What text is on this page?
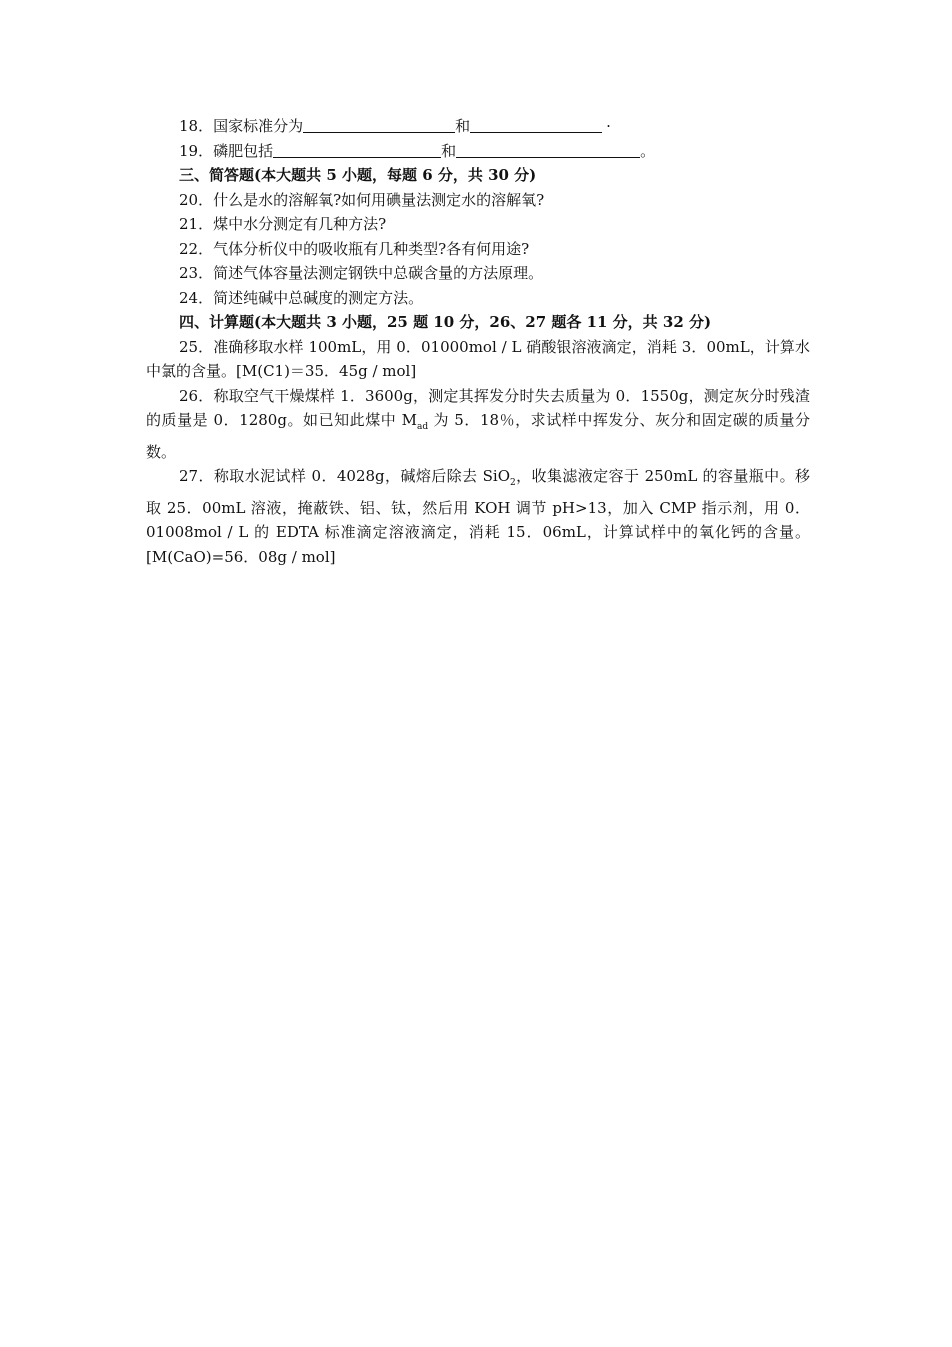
18．国家标准分为	和	·
19．磷肥包括	和	。
三、简答题(本大题共 5 小题，每题 6 分，共 30 分)
20．什么是水的溶解氧?如何用碘量法测定水的溶解氧?
21．煤中水分测定有几种方法?
22．气体分析仪中的吸收瓶有几种类型?各有何用途?
23．简述气体容量法测定钢铁中总碳含量的方法原理。
24．简述纯碱中总碱度的测定方法。
四、计算题(本大题共 3 小题，25 题 10 分，26、27 题各 11 分，共 32 分)
25．准确移取水样 100mL，用 0．01000mol / L 硝酸银溶液滴定，消耗 3．00mL，计算水中氯的含量。[M(C1)＝35．45g / mol]
26．称取空气干燥煤样 1．3600g，测定其挥发分时失去质量为 0．1550g，测定灰分时残渣的质量是 0．1280g。如已知此煤中 $M_{ad}$ 为 5．18％，求试样中挥发分、灰分和固定碳的质量分数。
27．称取水泥试样 0．4028g，碱熔后除去 SiO$_2$，收集滤液定容于 250mL 的容量瓶中。移取 25．00mL 溶液，掩蔽铁、铝、钛，然后用 KOH 调节 pH>13，加入 CMP 指示剂，用 0．01008mol / L 的 EDTA 标准滴定溶液滴定，消耗 15．06mL，计算试样中的氧化钙的含量。 [M(CaO)=56．08g / mol]
